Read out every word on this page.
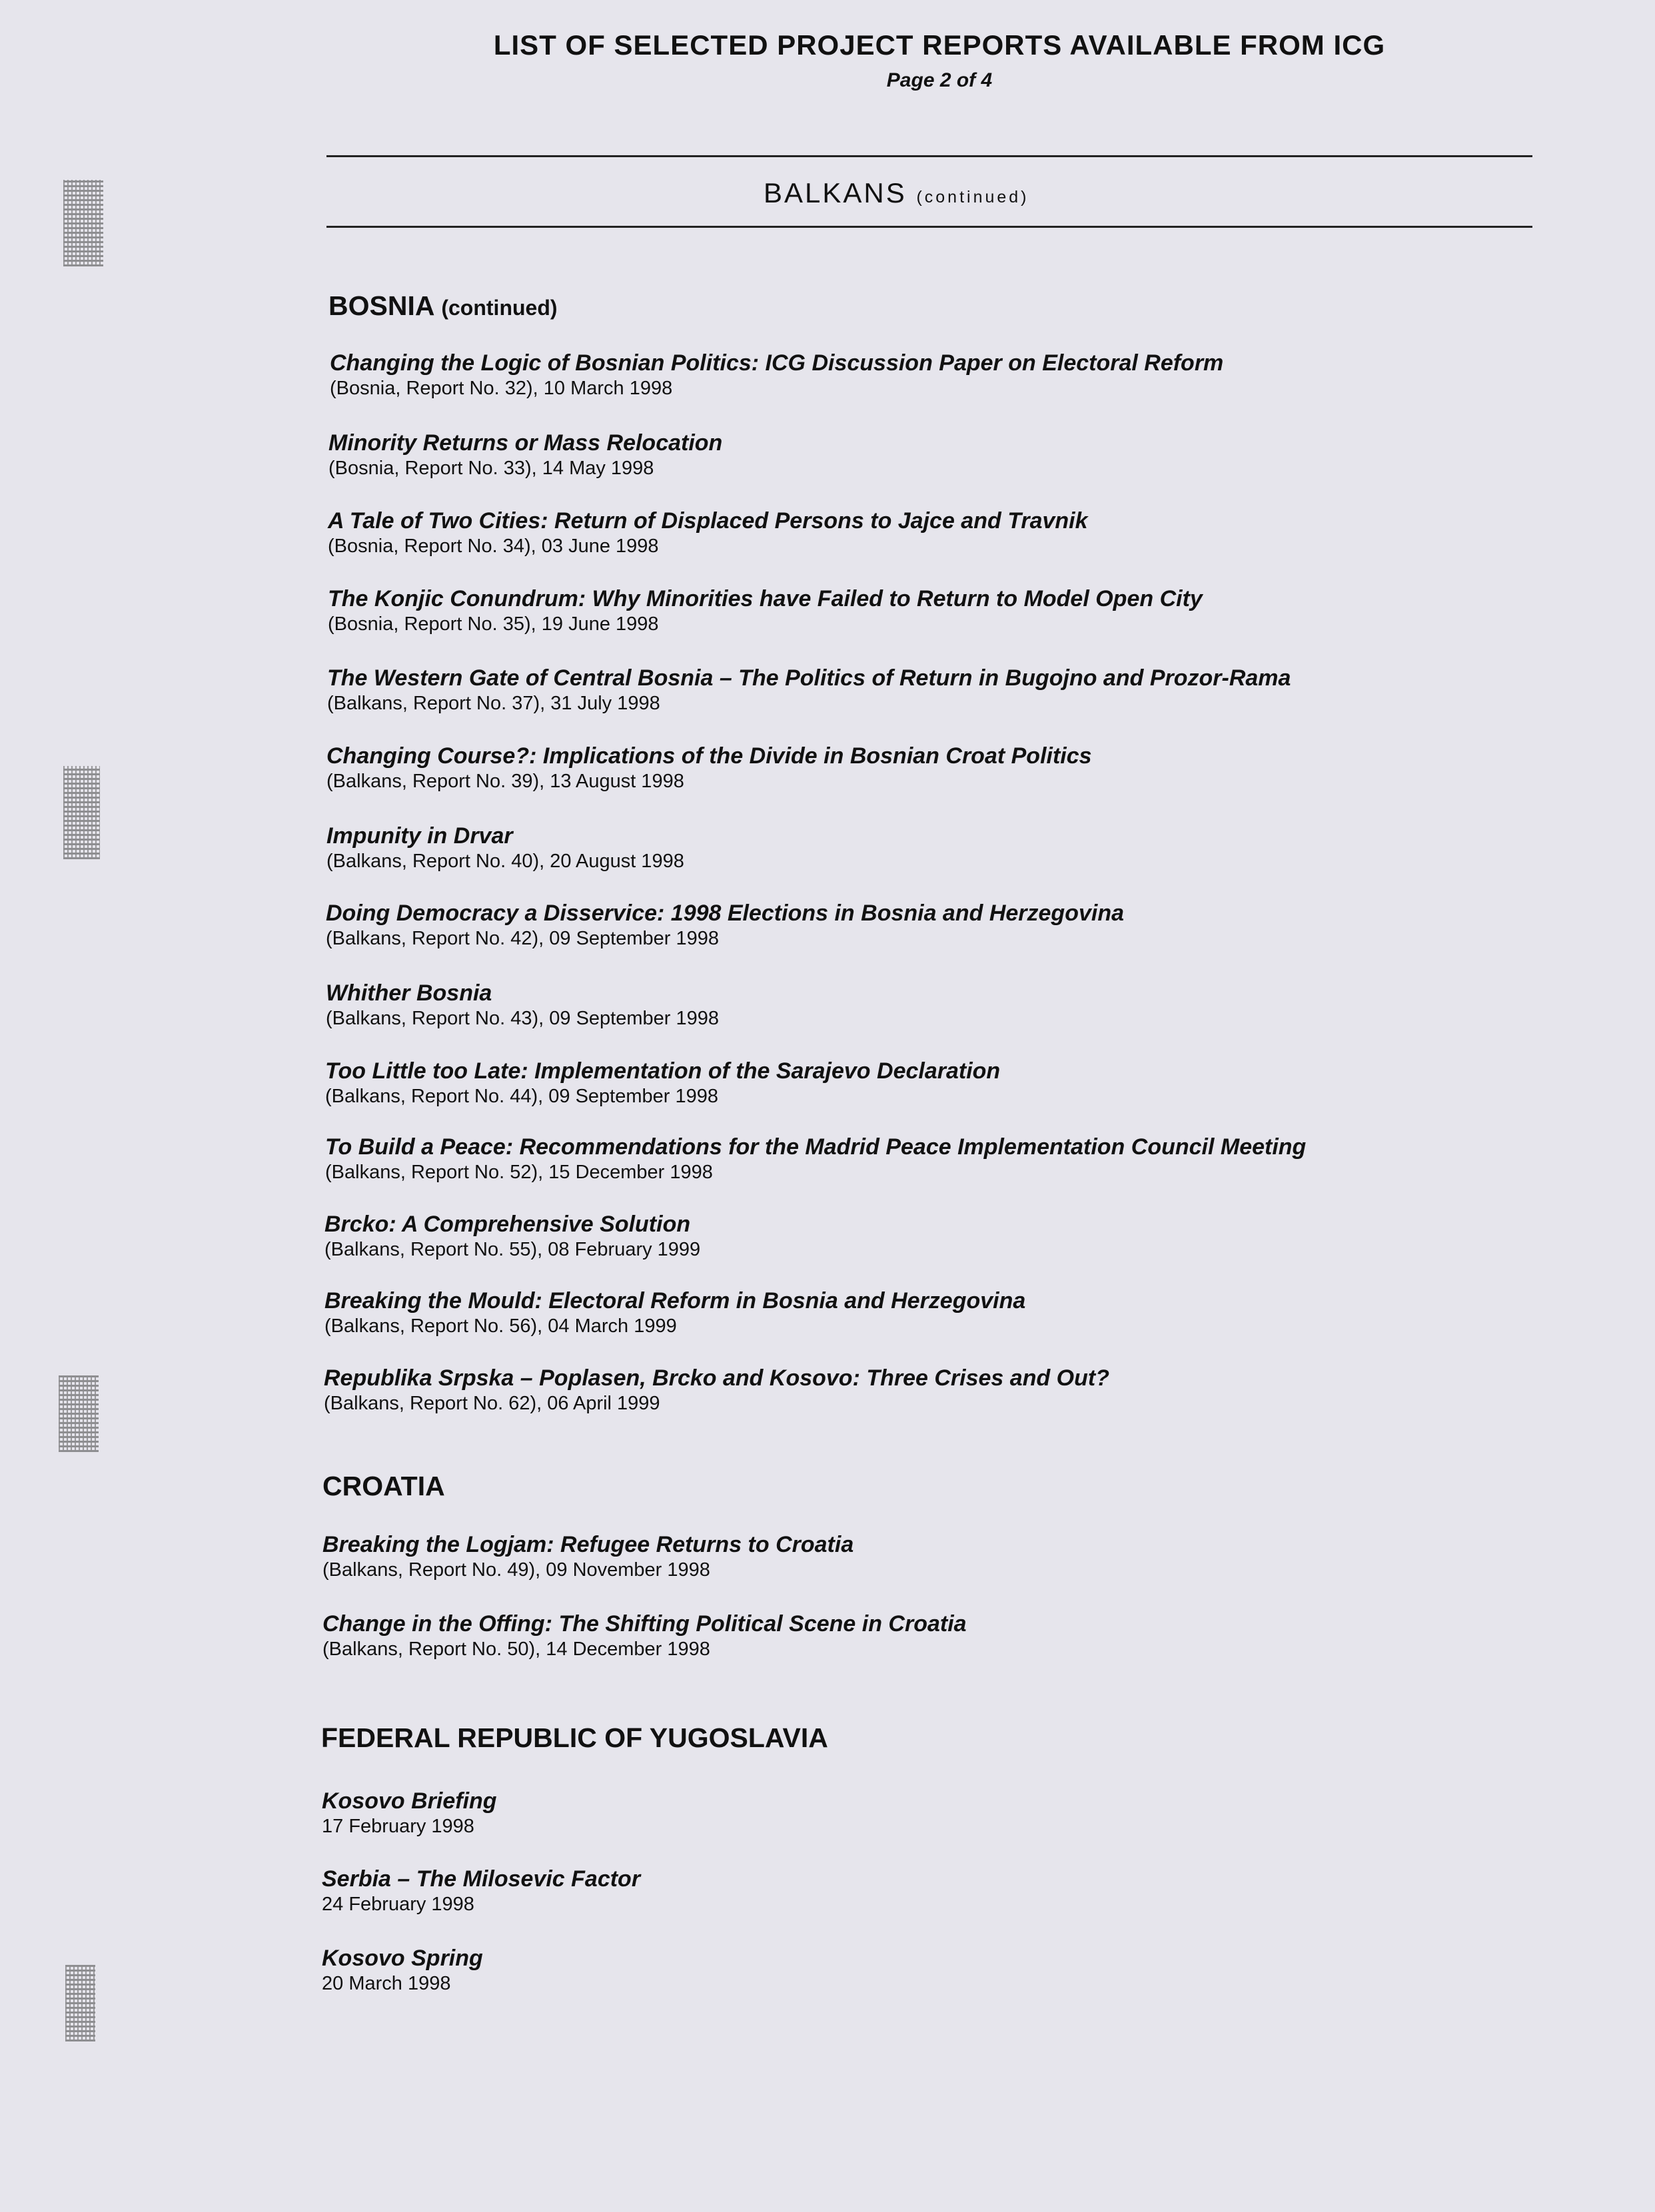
LIST OF SELECTED PROJECT REPORTS AVAILABLE FROM ICG
Page 2 of 4
BALKANS (continued)
BOSNIA (continued)
Changing the Logic of Bosnian Politics: ICG Discussion Paper on Electoral Reform
(Bosnia, Report No. 32), 10 March 1998
Minority Returns or Mass Relocation
(Bosnia, Report No. 33), 14 May 1998
A Tale of Two Cities: Return of Displaced Persons to Jajce and Travnik
(Bosnia, Report No. 34), 03 June 1998
The Konjic Conundrum: Why Minorities have Failed to Return to Model Open City
(Bosnia, Report No. 35), 19 June 1998
The Western Gate of Central Bosnia – The Politics of Return in Bugojno and Prozor-Rama
(Balkans, Report No. 37), 31 July 1998
Changing Course?: Implications of the Divide in Bosnian Croat Politics
(Balkans, Report No. 39), 13 August 1998
Impunity in Drvar
(Balkans, Report No. 40), 20 August 1998
Doing Democracy a Disservice: 1998 Elections in Bosnia and Herzegovina
(Balkans, Report No. 42), 09 September 1998
Whither Bosnia
(Balkans, Report No. 43), 09 September 1998
Too Little too Late: Implementation of the Sarajevo Declaration
(Balkans, Report No. 44), 09 September 1998
To Build a Peace: Recommendations for the Madrid Peace Implementation Council Meeting
(Balkans, Report No. 52), 15 December 1998
Brcko: A Comprehensive Solution
(Balkans, Report No. 55), 08 February 1999
Breaking the Mould: Electoral Reform in Bosnia and Herzegovina
(Balkans, Report No. 56), 04 March 1999
Republika Srpska – Poplasen, Brcko and Kosovo: Three Crises and Out?
(Balkans, Report No. 62), 06 April 1999
CROATIA
Breaking the Logjam: Refugee Returns to Croatia
(Balkans, Report No. 49), 09 November 1998
Change in the Offing: The Shifting Political Scene in Croatia
(Balkans, Report No. 50), 14 December 1998
FEDERAL REPUBLIC OF YUGOSLAVIA
Kosovo Briefing
17 February 1998
Serbia – The Milosevic Factor
24 February 1998
Kosovo Spring
20 March 1998
